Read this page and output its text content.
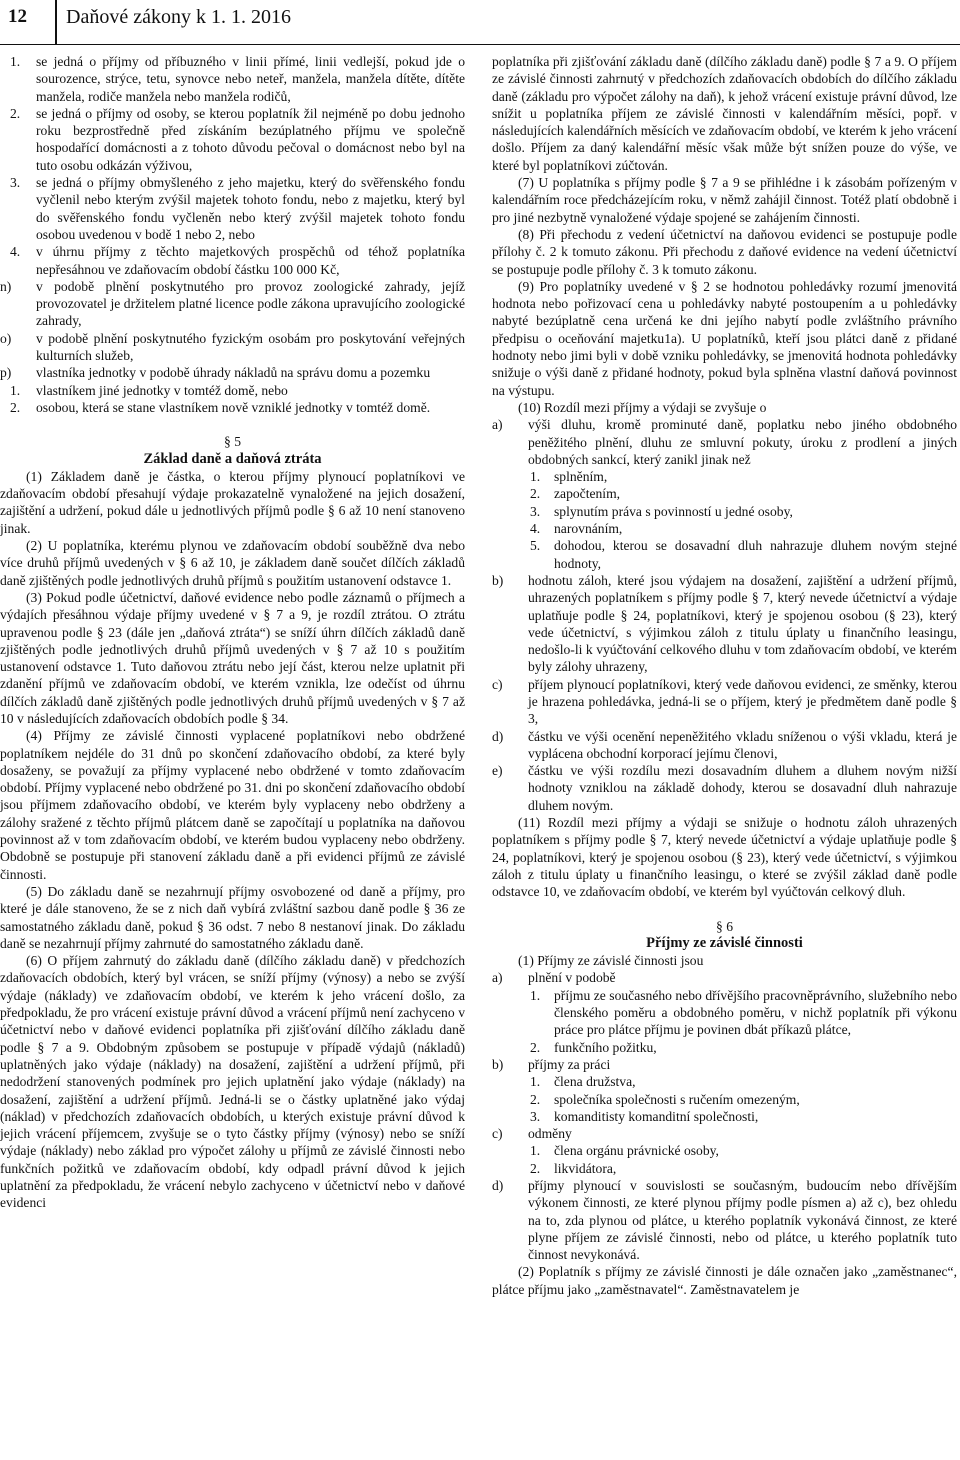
12 Daňové zákony k 1. 1. 2016
1. se jedná o příjmy od příbuzného v linii přímé, linii vedlejší, pokud jde o sourozence, strýce, tetu, synovce nebo neteř, manžela, manžela dítěte, dítěte manžela, rodiče manžela nebo manžela rodičů,
2. se jedná o příjmy od osoby, se kterou poplatník žil nejméně po dobu jednoho roku bezprostředně před získáním bezúplatného příjmu ve společně hospodařící domácnosti a z tohoto důvodu pečoval o domácnost nebo byl na tuto osobu odkázán výživou,
3. se jedná o příjmy obmyšleného z jeho majetku, který do svěřenského fondu vyčlenil nebo kterým zvýšil majetek tohoto fondu, nebo z majetku, který byl do svěřenského fondu vyčleněn nebo který zvýšil majetek tohoto fondu osobou uvedenou v bodě 1 nebo 2, nebo
4. v úhrnu příjmy z těchto majetkových prospěchů od téhož poplatníka nepřesáhnou ve zdaňovacím období částku 100 000 Kč,
n) v podobě plnění poskytnutého pro provoz zoologické zahrady, jejíž provozovatel je držitelem platné licence podle zákona upravujícího zoologické zahrady,
o) v podobě plnění poskytnutého fyzickým osobám pro poskytování veřejných kulturních služeb,
p) vlastníka jednotky v podobě úhrady nákladů na správu domu a pozemku
1. vlastníkem jiné jednotky v tomtéž domě, nebo
2. osobou, která se stane vlastníkem nově vzniklé jednotky v tomtéž domě.

§ 5

Základ daně a daňová ztráta

(1) Základem daně je částka, o kterou příjmy plynoucí poplatníkovi ve zdaňovacím období přesahují výdaje prokazatelně vynaložené na jejich dosažení, zajištění a udržení, pokud dále u jednotlivých příjmů podle § 6 až 10 není stanoveno jinak.

(2) U poplatníka, kterému plynou ve zdaňovacím období souběžně dva nebo více druhů příjmů uvedených v § 6 až 10, je základem daně součet dílčích základů daně zjištěných podle jednotlivých druhů příjmů s použitím ustanovení odstavce 1.

(3) Pokud podle účetnictví, daňové evidence nebo podle záznamů o příjmech a výdajích přesáhnou výdaje příjmy uvedené v § 7 a 9, je rozdíl ztrátou. O ztrátu upravenou podle § 23 (dále jen „daňová ztráta“) se sníží úhrn dílčích základů daně zjištěných podle jednotlivých druhů příjmů uvedených v § 7 až 10 s použitím ustanovení odstavce 1. Tuto daňovou ztrátu nebo její část, kterou nelze uplatnit při zdanění příjmů ve zdaňovacím období, ve kterém vznikla, lze odečíst od úhrnu dílčích základů daně zjištěných podle jednotlivých druhů příjmů uvedených v § 7 až 10 v následujících zdaňovacích obdobích podle § 34.

(4) Příjmy ze závislé činnosti vyplacené poplatníkovi nebo obdržené poplatníkem nejdéle do 31 dnů po skončení zdaňovacího období, za které byly dosaženy, se považují za příjmy vyplacené nebo obdržené v tomto zdaňovacím období. Příjmy vyplacené nebo obdržené po 31. dni po skončení zdaňovacího období jsou příjmem zdaňovacího období, ve kterém byly vyplaceny nebo obdrženy a zálohy sražené z těchto příjmů plátcem daně se započítají u poplatníka na daňovou povinnost až v tom zdaňovacím období, ve kterém budou vyplaceny nebo obdrženy. Obdobně se postupuje při stanovení základu daně a při evidenci příjmů ze závislé činnosti.

(5) Do základu daně se nezahrnují příjmy osvobozené od daně a příjmy, pro které je dále stanoveno, že se z nich daň vybírá zvláštní sazbou daně podle § 36 ze samostatného základu daně, pokud § 36 odst. 7 nebo 8 nestanoví jinak. Do základu daně se nezahrnují příjmy zahrnuté do samostatného základu daně.

(6) O příjem zahrnutý do základu daně (dílčího základu daně) v předchozích zdaňovacích obdobích, který byl vrácen, se sníží příjmy (výnosy) a nebo se zvýší výdaje (náklady) ve zdaňovacím období, ve kterém k jeho vrácení došlo, za předpokladu, že pro vrácení existuje právní důvod a vrácení příjmů není zachyceno v účetnictví nebo v daňové evidenci poplatníka při zjišťování dílčího základu daně podle § 7 a 9. Obdobným způsobem se postupuje v případě výdajů (nákladů) uplatněných jako výdaje (náklady) na dosažení, zajištění a udržení příjmů, při nedodržení stanovených podmínek pro jejich uplatnění jako výdaje (náklady) na dosažení, zajištění a udržení příjmů. Jedná-li se o částky uplatněné jako výdaj (náklad) v předchozích zdaňovacích obdobích, u kterých existuje právní důvod k jejich vrácení příjemcem, zvyšuje se o tyto částky příjmy (výnosy) nebo se sníží výdaje (náklady) nebo základ pro výpočet zálohy u příjmů ze závislé činnosti nebo funkčních požitků ve zdaňovacím období, kdy odpadl právní důvod k jejich uplatnění za předpokladu, že vrácení nebylo zachyceno v účetnictví nebo v daňové evidenci

poplatníka při zjišťování základu daně (dílčího základu daně) podle § 7 a 9. O příjem ze závislé činnosti zahrnutý v předchozích zdaňovacích obdobích do dílčího základu daně (základu pro výpočet zálohy na daň), k jehož vrácení existuje právní důvod, lze snížit u poplatníka příjem ze závislé činnosti v kalendářním měsíci, popř. v následujících kalendářních měsících ve zdaňovacím období, ve kterém k jeho vrácení došlo. Příjem za daný kalendářní měsíc však může být snížen pouze do výše, ve které byl poplatníkovi zúčtován.

(7) U poplatníka s příjmy podle § 7 a 9 se přihlédne i k zásobám pořízeným v kalendářním roce předcházejícím roku, v němž zahájil činnost. Totéž platí obdobně i pro jiné nezbytně vynaložené výdaje spojené se zahájením činnosti.

(8) Při přechodu z vedení účetnictví na daňovou evidenci se postupuje podle přílohy č. 2 k tomuto zákonu. Při přechodu z daňové evidence na vedení účetnictví se postupuje podle přílohy č. 3 k tomuto zákonu.

(9) Pro poplatníky uvedené v § 2 se hodnotou pohledávky rozumí jmenovitá hodnota nebo pořizovací cena u pohledávky nabyté postoupením a u pohledávky nabyté bezúplatně cena určená ke dni jejího nabytí podle zvláštního právního předpisu o oceňování majetku1a). U poplatníků, kteří jsou plátci daně z přidané hodnoty nebo jimi byli v době vzniku pohledávky, se jmenovitá hodnota pohledávky snižuje o výši daně z přidané hodnoty, pokud byla splněna vlastní daňová povinnost na výstupu.

(10) Rozdíl mezi příjmy a výdaji se zvyšuje o

a) výši dluhu, kromě prominuté daně, poplatku nebo jiného obdobného peněžitého plnění, dluhu ze smluvní pokuty, úroku z prodlení a jiných obdobných sankcí, který zanikl jinak než
1. splněním,
2. započtením,
3. splynutím práva s povinností u jedné osoby,
4. narovnáním,
5. dohodou, kterou se dosavadní dluh nahrazuje dluhem novým stejné hodnoty,
b) hodnotu záloh, které jsou výdajem na dosažení, zajištění a udržení příjmů, uhrazených poplatníkem s příjmy podle § 7, který nevede účetnictví a výdaje uplatňuje podle § 24, poplatníkovi, který je spojenou osobou (§ 23), který vede účetnictví, s výjimkou záloh z titulu úplaty u finančního leasingu, nedošlo-li k vyúčtování celkového dluhu v tom zdaňovacím období, ve kterém byly zálohy uhrazeny,
c) příjem plynoucí poplatníkovi, který vede daňovou evidenci, ze směnky, kterou je hrazena pohledávka, jedná-li se o příjem, který je předmětem daně podle § 3,
d) částku ve výši ocenění nepeněžitého vkladu sníženou o výši vkladu, která je vyplácena obchodní korporací jejímu členovi,
e) částku ve výši rozdílu mezi dosavadním dluhem a dluhem novým nižší hodnoty vzniklou na základě dohody, kterou se dosavadní dluh nahrazuje dluhem novým.

(11) Rozdíl mezi příjmy a výdaji se snižuje o hodnotu záloh uhrazených poplatníkem s příjmy podle § 7, který nevede účetnictví a výdaje uplatňuje podle § 24, poplatníkovi, který je spojenou osobou (§ 23), který vede účetnictví, s výjimkou záloh z titulu úplaty u finančního leasingu, o které se zvýšil základ daně podle odstavce 10, ve zdaňovacím období, ve kterém byl vyúčtován celkový dluh.

§ 6

Příjmy ze závislé činnosti

(1) Příjmy ze závislé činnosti jsou

a) plnění v podobě
1. příjmu ze současného nebo dřívějšího pracovněprávního, služebního nebo členského poměru a obdobného poměru, v nichž poplatník při výkonu práce pro plátce příjmu je povinen dbát příkazů plátce,
2. funkčního požitku,
b) příjmy za práci
1. člena družstva,
2. společníka společnosti s ručením omezeným,
3. komanditisty komanditní společnosti,
c) odměny
1. člena orgánu právnické osoby,
2. likvidátora,
d) příjmy plynoucí v souvislosti se současným, budoucím nebo dřívějším výkonem činnosti, ze které plynou příjmy podle písmen a) až c), bez ohledu na to, zda plynou od plátce, u kterého poplatník vykonává činnost, ze které plyne příjem ze závislé činnosti, nebo od plátce, u kterého poplatník tuto činnost nevykonává.

(2) Poplatník s příjmy ze závislé činnosti je dále označen jako „zaměstnanec“, plátce příjmu jako „zaměstnavatel“. Zaměstnavatelem je
